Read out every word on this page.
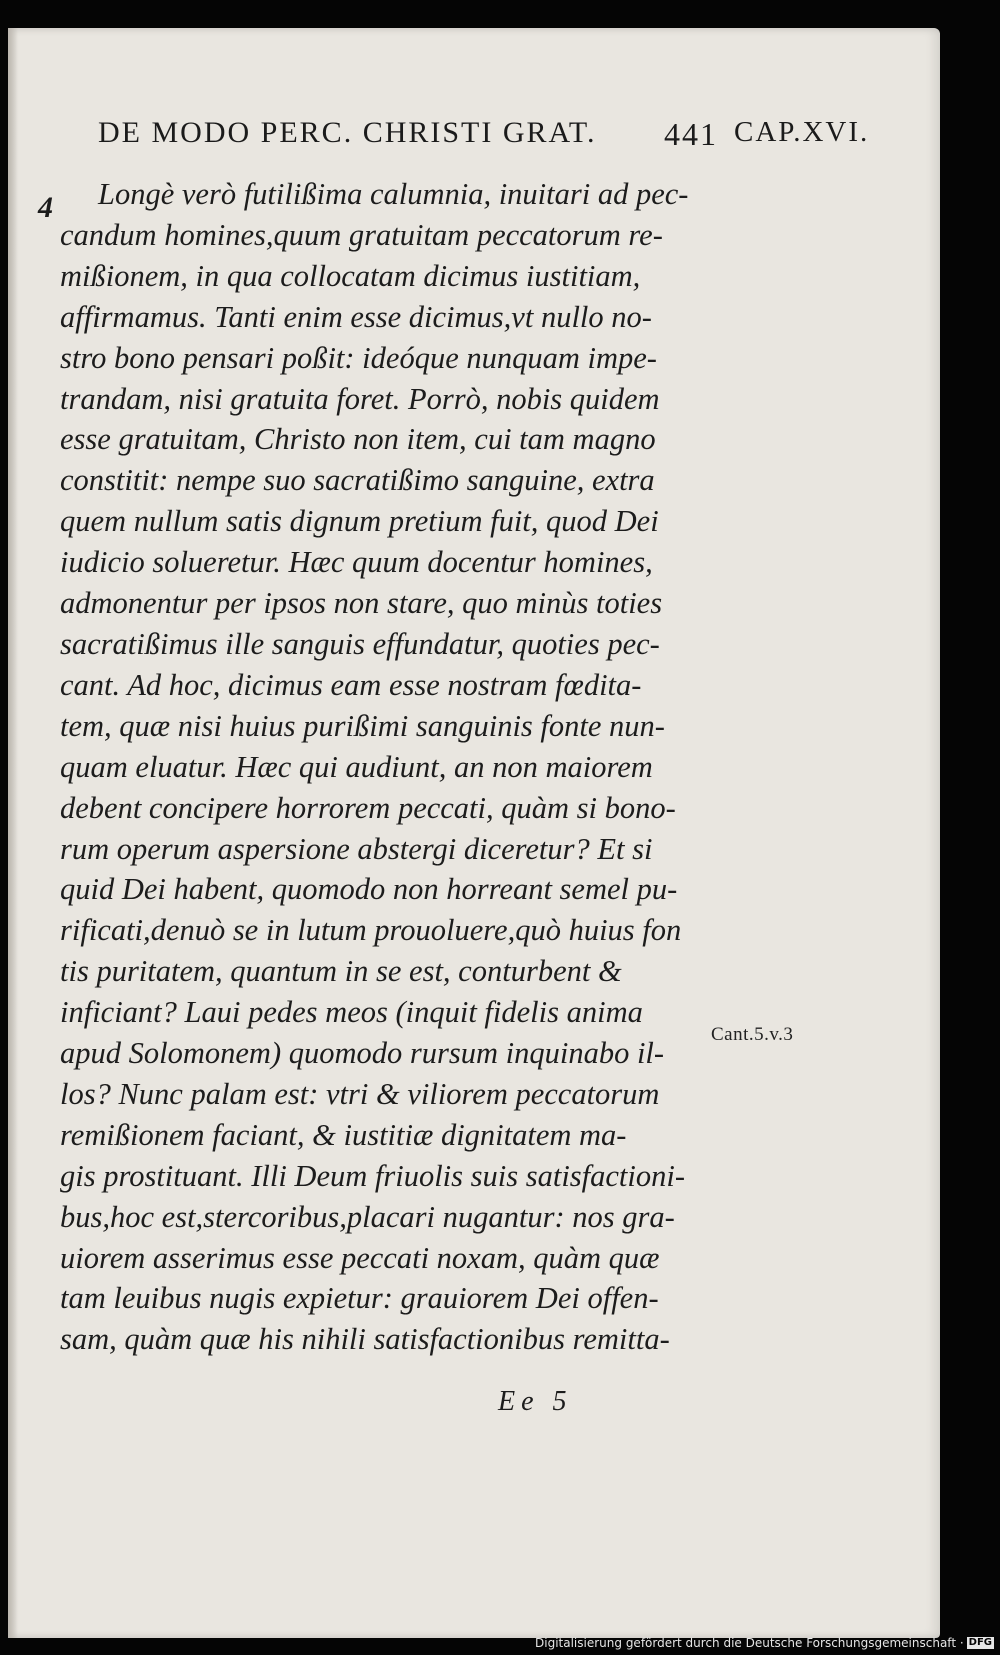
DE MODO PERC. CHRISTI GRAT. 441 CAP.XVI.
4	Longè verò futilißima calumnia, inuitari ad pec-
candum homines,quum gratuitam peccatorum re-
mißionem, in qua collocatam dicimus iustitiam,
affirmamus. Tanti enim esse dicimus,vt nullo no-
stro bono pensari poßit: ideóque nunquam impe-
trandam, nisi gratuita foret. Porrò, nobis quidem
esse gratuitam, Christo non item, cui tam magno
constitit: nempe suo sacratißimo sanguine, extra
quem nullum satis dignum pretium fuit, quod Dei
iudicio solueretur. Hæc quum docentur homines,
admonentur per ipsos non stare, quo minùs toties
sacratißimus ille sanguis effundatur, quoties pec-
cant. Ad hoc, dicimus eam esse nostram fœdita-
tem, quæ nisi huius purißimi sanguinis fonte nun-
quam eluatur. Hæc qui audiunt, an non maiorem
debent concipere horrorem peccati, quàm si bono-
rum operum aspersione abstergi diceretur? Et si
quid Dei habent, quomodo non horreant semel pu-
rificati,denuò se in lutum prouoluere,quò huius fon
tis puritatem, quantum in se est, conturbent &
inficiant? Laui pedes meos (inquit fidelis anima
apud Solomonem) quomodo rursum inquinabo il-
los? Nunc palam est: vtri & viliorem peccatorum
remißionem faciant, & iustitiæ dignitatem ma-
gis prostituant. Illi Deum friuolis suis satisfactioni-
bus,hoc est,stercoribus,placari nugantur: nos gra-
uiorem asserimus esse peccati noxam, quàm quæ
tam leuibus nugis expietur: grauiorem Dei offen-
sam, quàm quæ his nihili satisfactionibus remitta-
Cant.5.v.3
Ee 5
Digitalisierung gefördert durch die Deutsche Forschungsgemeinschaft · DFG
